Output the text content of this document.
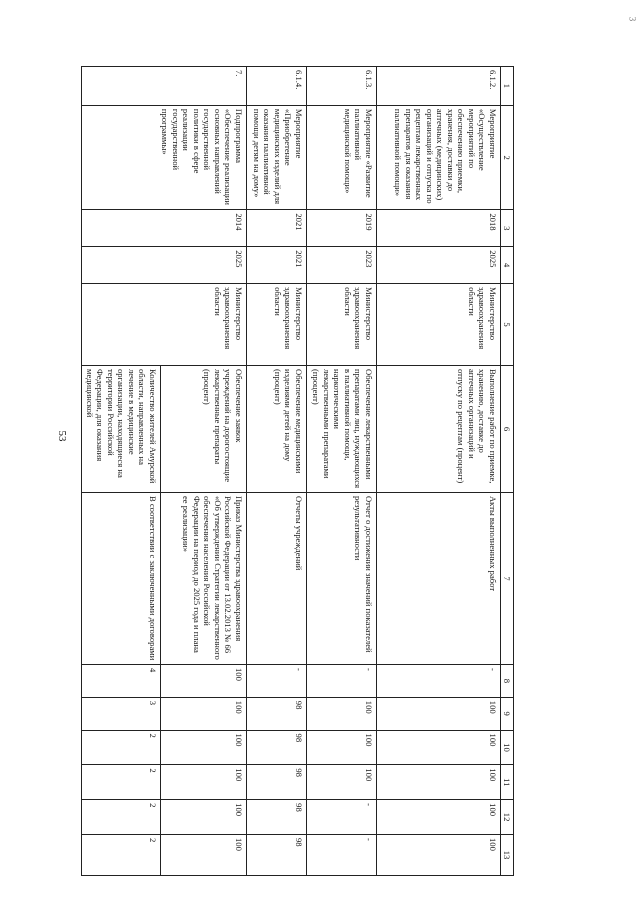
53
3
1	2	3	4	5	6	7	8	9	10	11	12	13
6.1.2.	Мероприятие «Осуществление мероприятий по обеспечению приемки, хранения, доставки до аптечных (медицинских) организаций и отпуска по рецептам лекарственных препаратов для оказания паллиативной помощи»	2018	2025	Министерство здравоохранения области	Выполнение работ по приемке, хранению, доставке до аптечных организаций и отпуску по рецептам (процент)	Акты выполненных работ	-	100	100	100	100	100
6.1.3.	Мероприятие «Развитие паллиативной медицинской помощи»	2019	2023	Министерство здравоохранения области	Обеспечение лекарственными препаратами лиц, нуждающихся в паллиативной помощи, наркотическими лекарственными препаратами (процент)	Отчет о достижении значений показателей результативности	-	100	100	100	-	-
6.1.4.	Мероприятие «Приобретение медицинских изделий для оказания паллиативной помощи детям на дому»	2021	2021	Министерство здравоохранения области	Обеспечение медицинскими изделиями детей на дому (процент)	Отчеты учреждений	-	98	98	98	98	98
7.	Подпрограмма «Обеспечение реализации основных направлений государственной политики в сфере реализации государственной программы»	2014	2025	Министерство здравоохранения области	Обеспечение заявок учреждений на дорогостоящие лекарственные препараты (процент)	Приказ Министерства здравоохранения Российской Федерации от 13.02.2013 № 66 «Об утверждении Стратегии лекарственного обеспечения населения Российской Федерации на период до 2025 года и плана ее реализации»	100	100	100	100	100	100
					Количество жителей Амурской области, направленных на лечение в медицинские организации, находящиеся на территории Российской Федерации, для оказания медицинской	В соответствии с заключенными договорами	4	3	2	2	2	2
